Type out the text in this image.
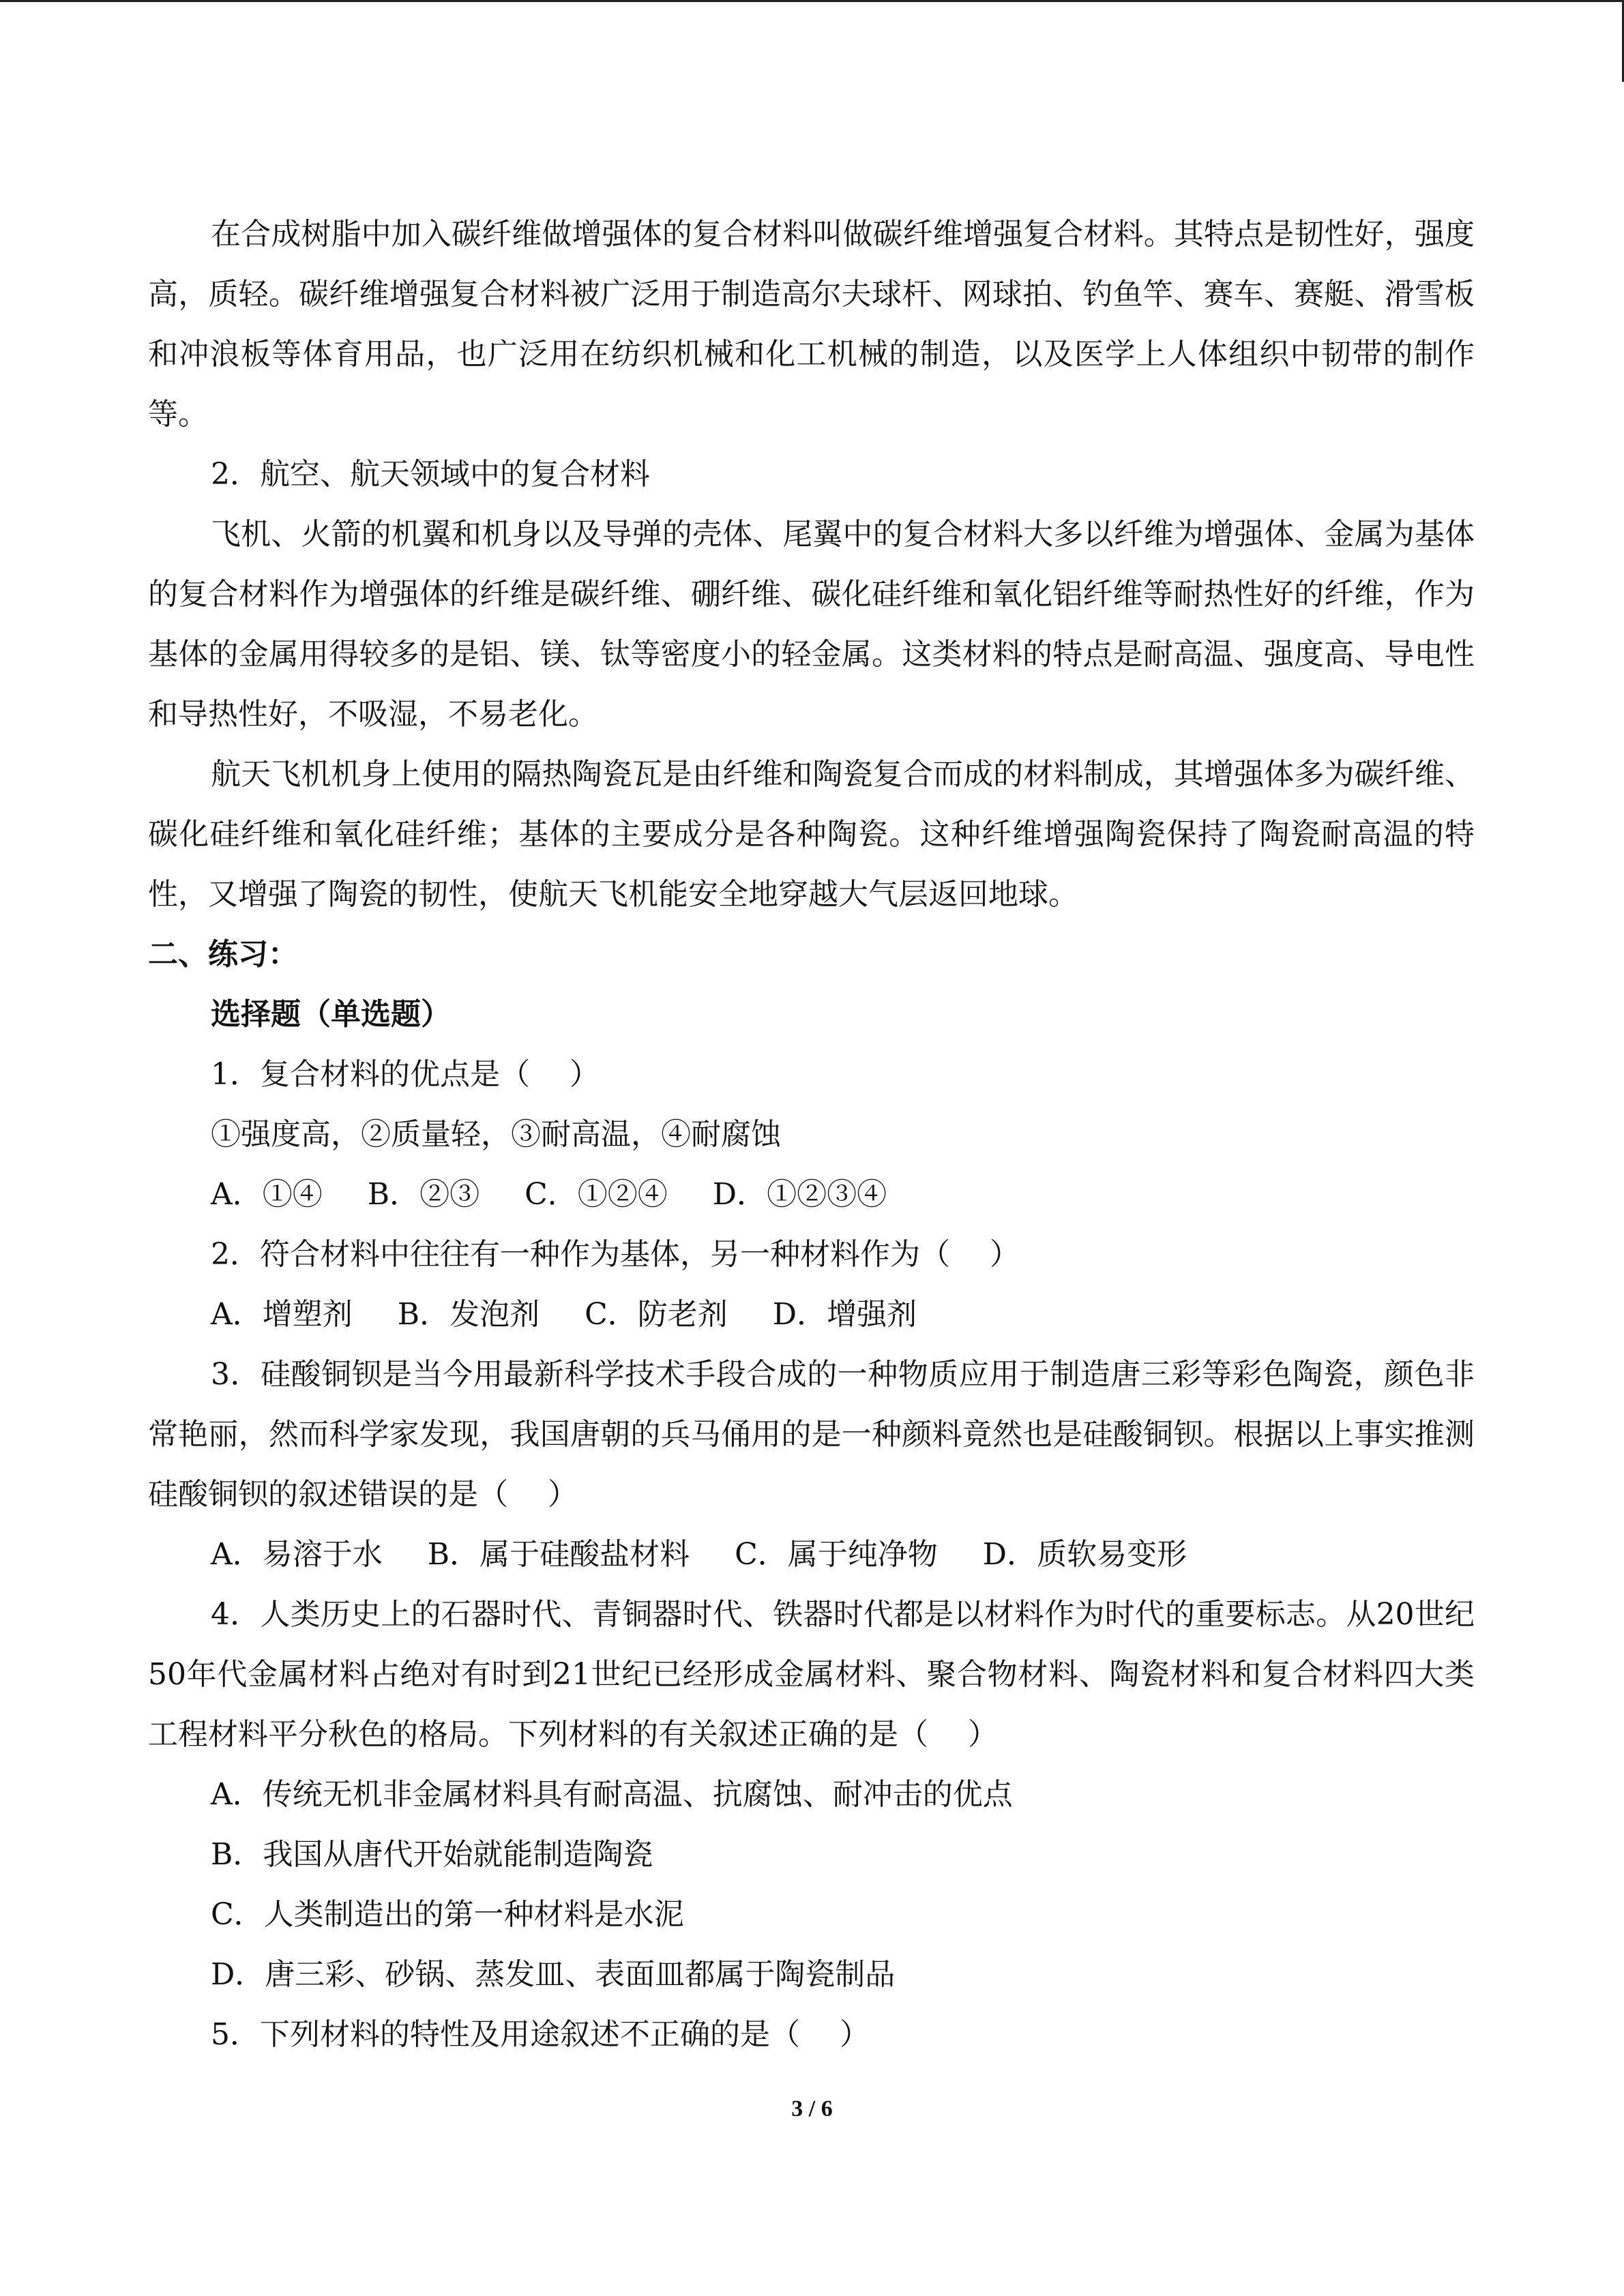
在合成树脂中加入碳纤维做增强体的复合材料叫做碳纤维增强复合材料。其特点是韧性好，强度高，质轻。碳纤维增强复合材料被广泛用于制造高尔夫球杆、网球拍、钓鱼竿、赛车、赛艇、滑雪板和冲浪板等体育用品，也广泛用在纺织机械和化工机械的制造，以及医学上人体组织中韧带的制作等。

2．航空、航天领域中的复合材料

飞机、火箭的机翼和机身以及导弹的壳体、尾翼中的复合材料大多以纤维为增强体、金属为基体的复合材料作为增强体的纤维是碳纤维、硼纤维、碳化硅纤维和氧化铝纤维等耐热性好的纤维，作为基体的金属用得较多的是铝、镁、钛等密度小的轻金属。这类材料的特点是耐高温、强度高、导电性和导热性好，不吸湿，不易老化。

航天飞机机身上使用的隔热陶瓷瓦是由纤维和陶瓷复合而成的材料制成，其增强体多为碳纤维、碳化硅纤维和氧化硅纤维；基体的主要成分是各种陶瓷。这种纤维增强陶瓷保持了陶瓷耐高温的特性，又增强了陶瓷的韧性，使航天飞机能安全地穿越大气层返回地球。

二、练习：

选择题（单选题）

1．复合材料的优点是（　 ）

①强度高，②质量轻，③耐高温，④耐腐蚀

A．①④ B．②③ C．①②④ D．①②③④

2．符合材料中往往有一种作为基体，另一种材料作为（　 ）

A．增塑剂 B．发泡剂 C．防老剂 D．增强剂

3．硅酸铜钡是当今用最新科学技术手段合成的一种物质应用于制造唐三彩等彩色陶瓷，颜色非常艳丽，然而科学家发现，我国唐朝的兵马俑用的是一种颜料竟然也是硅酸铜钡。根据以上事实推测硅酸铜钡的叙述错误的是（　 ）

A．易溶于水 B．属于硅酸盐材料 C．属于纯净物 D．质软易变形

4．人类历史上的石器时代、青铜器时代、铁器时代都是以材料作为时代的重要标志。从20世纪50年代金属材料占绝对有时到21世纪已经形成金属材料、聚合物材料、陶瓷材料和复合材料四大类工程材料平分秋色的格局。下列材料的有关叙述正确的是（　 ）

A．传统无机非金属材料具有耐高温、抗腐蚀、耐冲击的优点

B．我国从唐代开始就能制造陶瓷

C．人类制造出的第一种材料是水泥

D．唐三彩、砂锅、蒸发皿、表面皿都属于陶瓷制品

5．下列材料的特性及用途叙述不正确的是（　 ）

3 / 6
